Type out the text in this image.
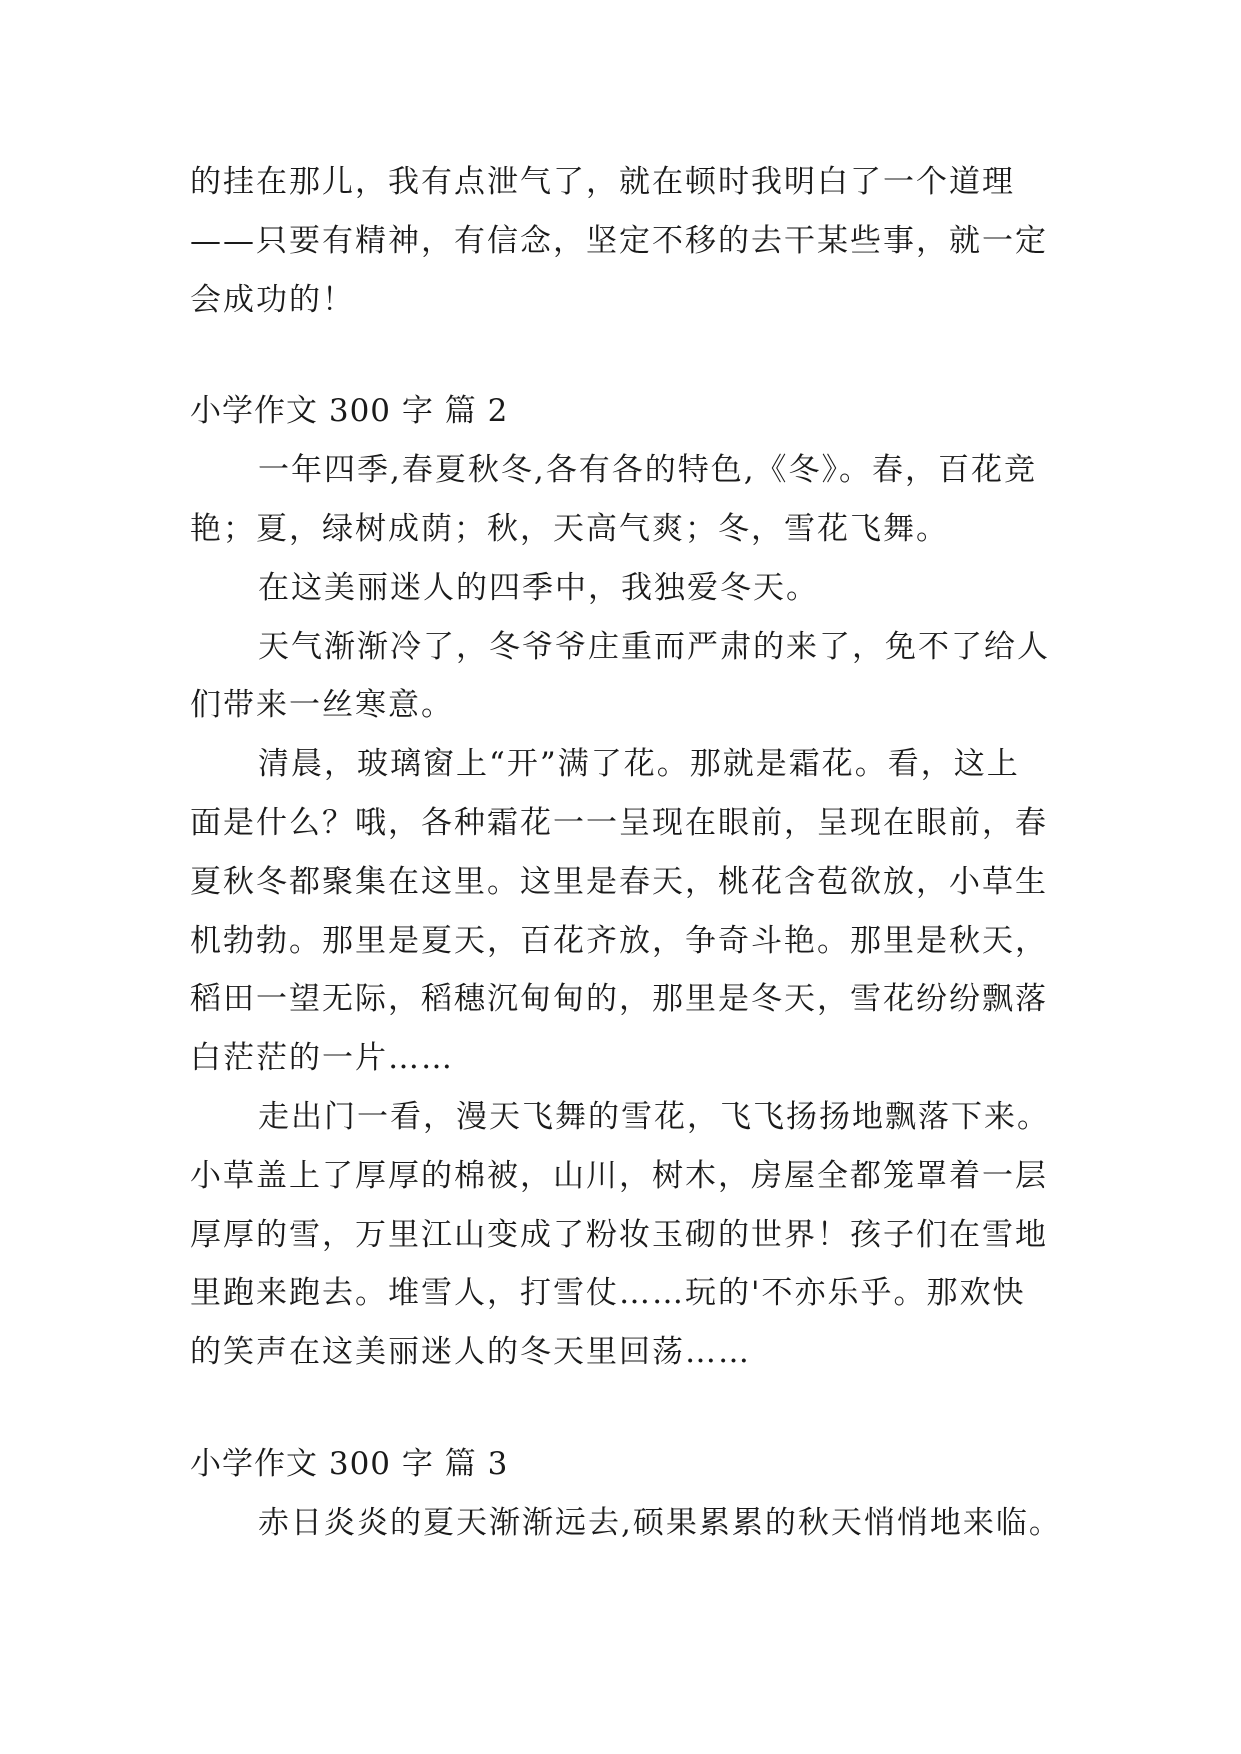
的挂在那儿，我有点泄气了，就在顿时我明白了一个道理
——只要有精神，有信念，坚定不移的去干某些事，就一定
会成功的！
小学作文 300 字 篇 2
一年四季,春夏秋冬,各有各的特色,《冬》。春，百花竞
艳；夏，绿树成荫；秋，天高气爽；冬，雪花飞舞。
在这美丽迷人的四季中，我独爱冬天。
天气渐渐冷了，冬爷爷庄重而严肃的来了，免不了给人
们带来一丝寒意。
清晨，玻璃窗上“开”满了花。那就是霜花。看，这上
面是什么？哦，各种霜花一一呈现在眼前，呈现在眼前，春
夏秋冬都聚集在这里。这里是春天，桃花含苞欲放，小草生
机勃勃。那里是夏天，百花齐放，争奇斗艳。那里是秋天，
稻田一望无际，稻穗沉甸甸的，那里是冬天，雪花纷纷飘落
白茫茫的一片……
走出门一看，漫天飞舞的雪花，飞飞扬扬地飘落下来。
小草盖上了厚厚的棉被，山川，树木，房屋全都笼罩着一层
厚厚的雪，万里江山变成了粉妆玉砌的世界！孩子们在雪地
里跑来跑去。堆雪人，打雪仗……玩的'不亦乐乎。那欢快
的笑声在这美丽迷人的冬天里回荡……
小学作文 300 字 篇 3
赤日炎炎的夏天渐渐远去,硕果累累的秋天悄悄地来临。
